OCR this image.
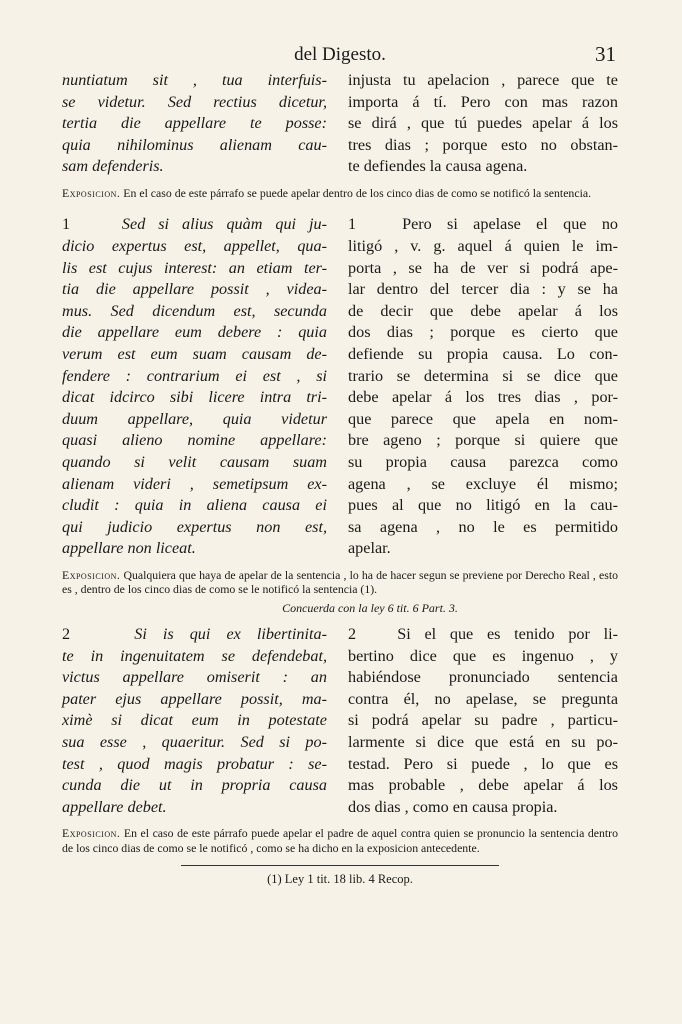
del Digesto.	31
nuntiatum sit , tua interfuis-
se videtur. Sed rectius dicetur,
tertia die appellare te posse:
quia nihilominus alienam cau-
sam defenderis.
injusta tu apelacion , parece que te
importa á tí. Pero con mas razon
se dirá , que tú puedes apelar á los
tres dias ; porque esto no obstan-
te defiendes la causa agena.
Exposicion. En el caso de este párrafo se puede apelar dentro de los cinco dias de como se notificó la sentencia.
1	Sed si alius quàm qui ju-
dicio expertus est, appellet, qua-
lis est cujus interest: an etiam ter-
tia die appellare possit , videa-
mus. Sed dicendum est, secunda
die appellare eum debere : quia
verum est eum suam causam de-
fendere : contrarium ei est , si
dicat idcirco sibi licere intra tri-
duum appellare, quia videtur
quasi alieno nomine appellare:
quando si velit causam suam
alienam videri , semetipsum ex-
cludit : quia in aliena causa ei
qui judicio expertus non est,
appellare non liceat.
1	Pero si apelase el que no
litigó , v. g. aquel á quien le im-
porta , se ha de ver si podrá ape-
lar dentro del tercer dia : y se ha
de decir que debe apelar á los
dos dias ; porque es cierto que
defiende su propia causa. Lo con-
trario se determina si se dice que
debe apelar á los tres dias , por-
que parece que apela en nom-
bre ageno ; porque si quiere que
su propia causa parezca como
agena , se excluye él mismo;
pues al que no litigó en la cau-
sa agena , no le es permitido
apelar.
Exposicion. Qualquiera que haya de apelar de la sentencia , lo ha de hacer segun se previene por Derecho Real , esto es , dentro de los cinco dias de como se le notificó la sentencia (1).
Concuerda con la ley 6 tit. 6 Part. 3.
2	Si is qui ex libertinita-
te in ingenuitatem se defendebat,
victus appellare omiserit : an
pater ejus appellare possit, ma-
ximè si dicat eum in potestate
sua esse , quaeritur. Sed si po-
test , quod magis probatur : se-
cunda die ut in propria causa
appellare debet.
2	Si el que es tenido por li-
bertino dice que es ingenuo , y
habiéndose pronunciado sentencia
contra él, no apelase, se pregunta
si podrá apelar su padre , particu-
larmente si dice que está en su po-
testad. Pero si puede , lo que es
mas probable , debe apelar á los
dos dias , como en causa propia.
Exposicion. En el caso de este párrafo puede apelar el padre de aquel contra quien se pronuncio la sentencia dentro de los cinco dias de como se le notificó , como se ha dicho en la exposicion antecedente.
(1) Ley 1 tit. 18 lib. 4 Recop.
